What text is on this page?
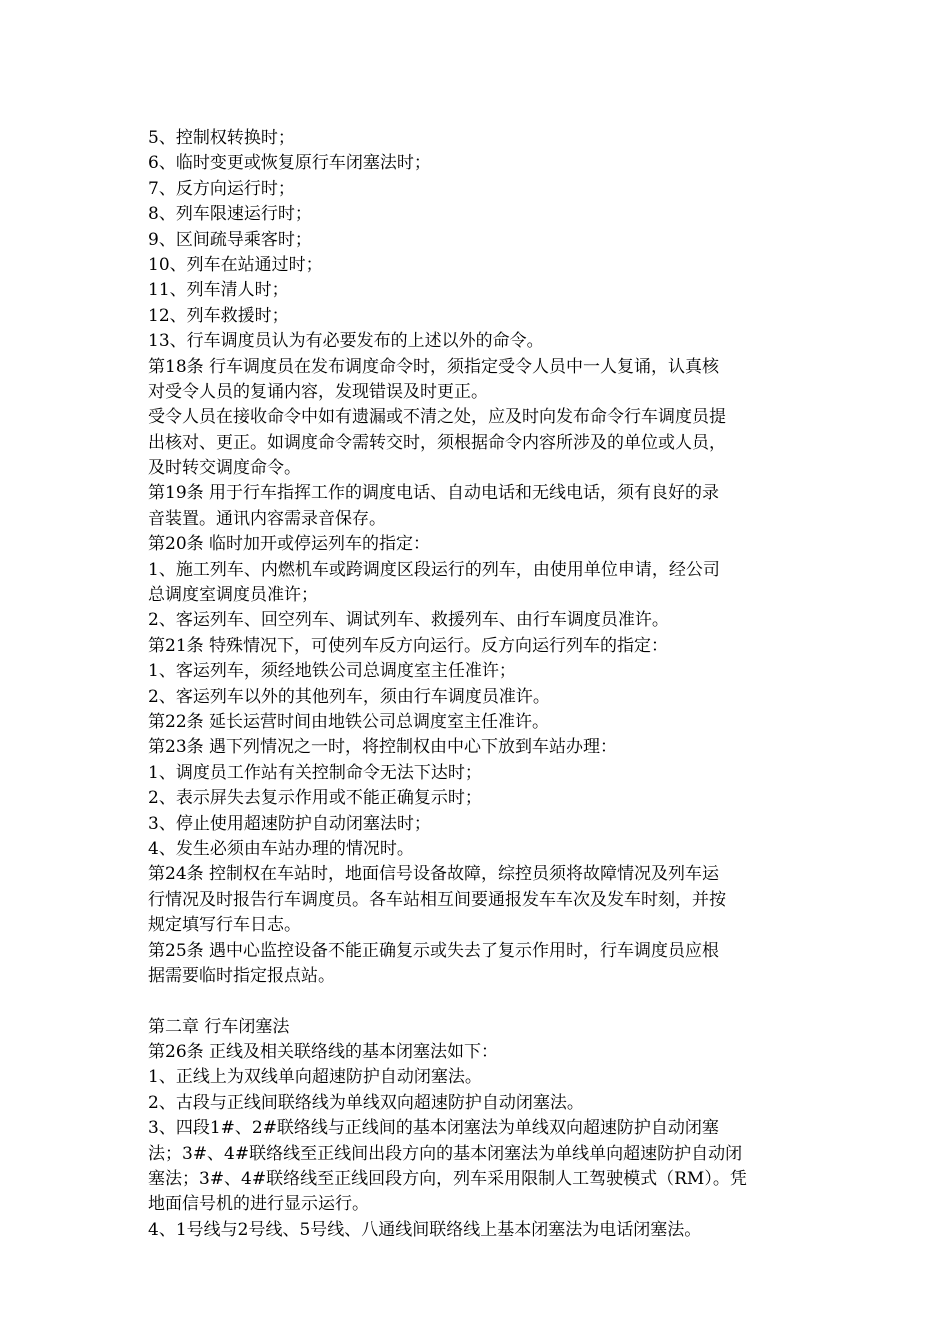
5、控制权转换时；

6、临时变更或恢复原行车闭塞法时；

7、反方向运行时；

8、列车限速运行时；

9、区间疏导乘客时；

10、列车在站通过时；

11、列车清人时；

12、列车救援时；

13、行车调度员认为有必要发布的上述以外的命令。

第18条 行车调度员在发布调度命令时，须指定受令人员中一人复诵，认真核

对受令人员的复诵内容，发现错误及时更正。

受令人员在接收命令中如有遗漏或不清之处，应及时向发布命令行车调度员提

出核对、更正。如调度命令需转交时，须根据命令内容所涉及的单位或人员，

及时转交调度命令。

第19条 用于行车指挥工作的调度电话、自动电话和无线电话，须有良好的录

音装置。通讯内容需录音保存。

第20条 临时加开或停运列车的指定：

1、施工列车、内燃机车或跨调度区段运行的列车，由使用单位申请，经公司

总调度室调度员准许；

2、客运列车、回空列车、调试列车、救援列车、由行车调度员准许。

第21条 特殊情况下，可使列车反方向运行。反方向运行列车的指定：

1、客运列车，须经地铁公司总调度室主任准许；

2、客运列车以外的其他列车，须由行车调度员准许。

第22条 延长运营时间由地铁公司总调度室主任准许。

第23条 遇下列情况之一时，将控制权由中心下放到车站办理：

1、调度员工作站有关控制命令无法下达时；

2、表示屏失去复示作用或不能正确复示时；

3、停止使用超速防护自动闭塞法时；

4、发生必须由车站办理的情况时。

第24条 控制权在车站时，地面信号设备故障，综控员须将故障情况及列车运

行情况及时报告行车调度员。各车站相互间要通报发车车次及发车时刻，并按

规定填写行车日志。

第25条 遇中心监控设备不能正确复示或失去了复示作用时，行车调度员应根

据需要临时指定报点站。

第二章 行车闭塞法

第26条 正线及相关联络线的基本闭塞法如下：

1、正线上为双线单向超速防护自动闭塞法。

2、古段与正线间联络线为单线双向超速防护自动闭塞法。

3、四段1#、2#联络线与正线间的基本闭塞法为单线双向超速防护自动闭塞

法；3#、4#联络线至正线间出段方向的基本闭塞法为单线单向超速防护自动闭

塞法；3#、4#联络线至正线回段方向，列车采用限制人工驾驶模式（RM）。凭

地面信号机的进行显示运行。

4、1号线与2号线、5号线、八通线间联络线上基本闭塞法为电话闭塞法。
